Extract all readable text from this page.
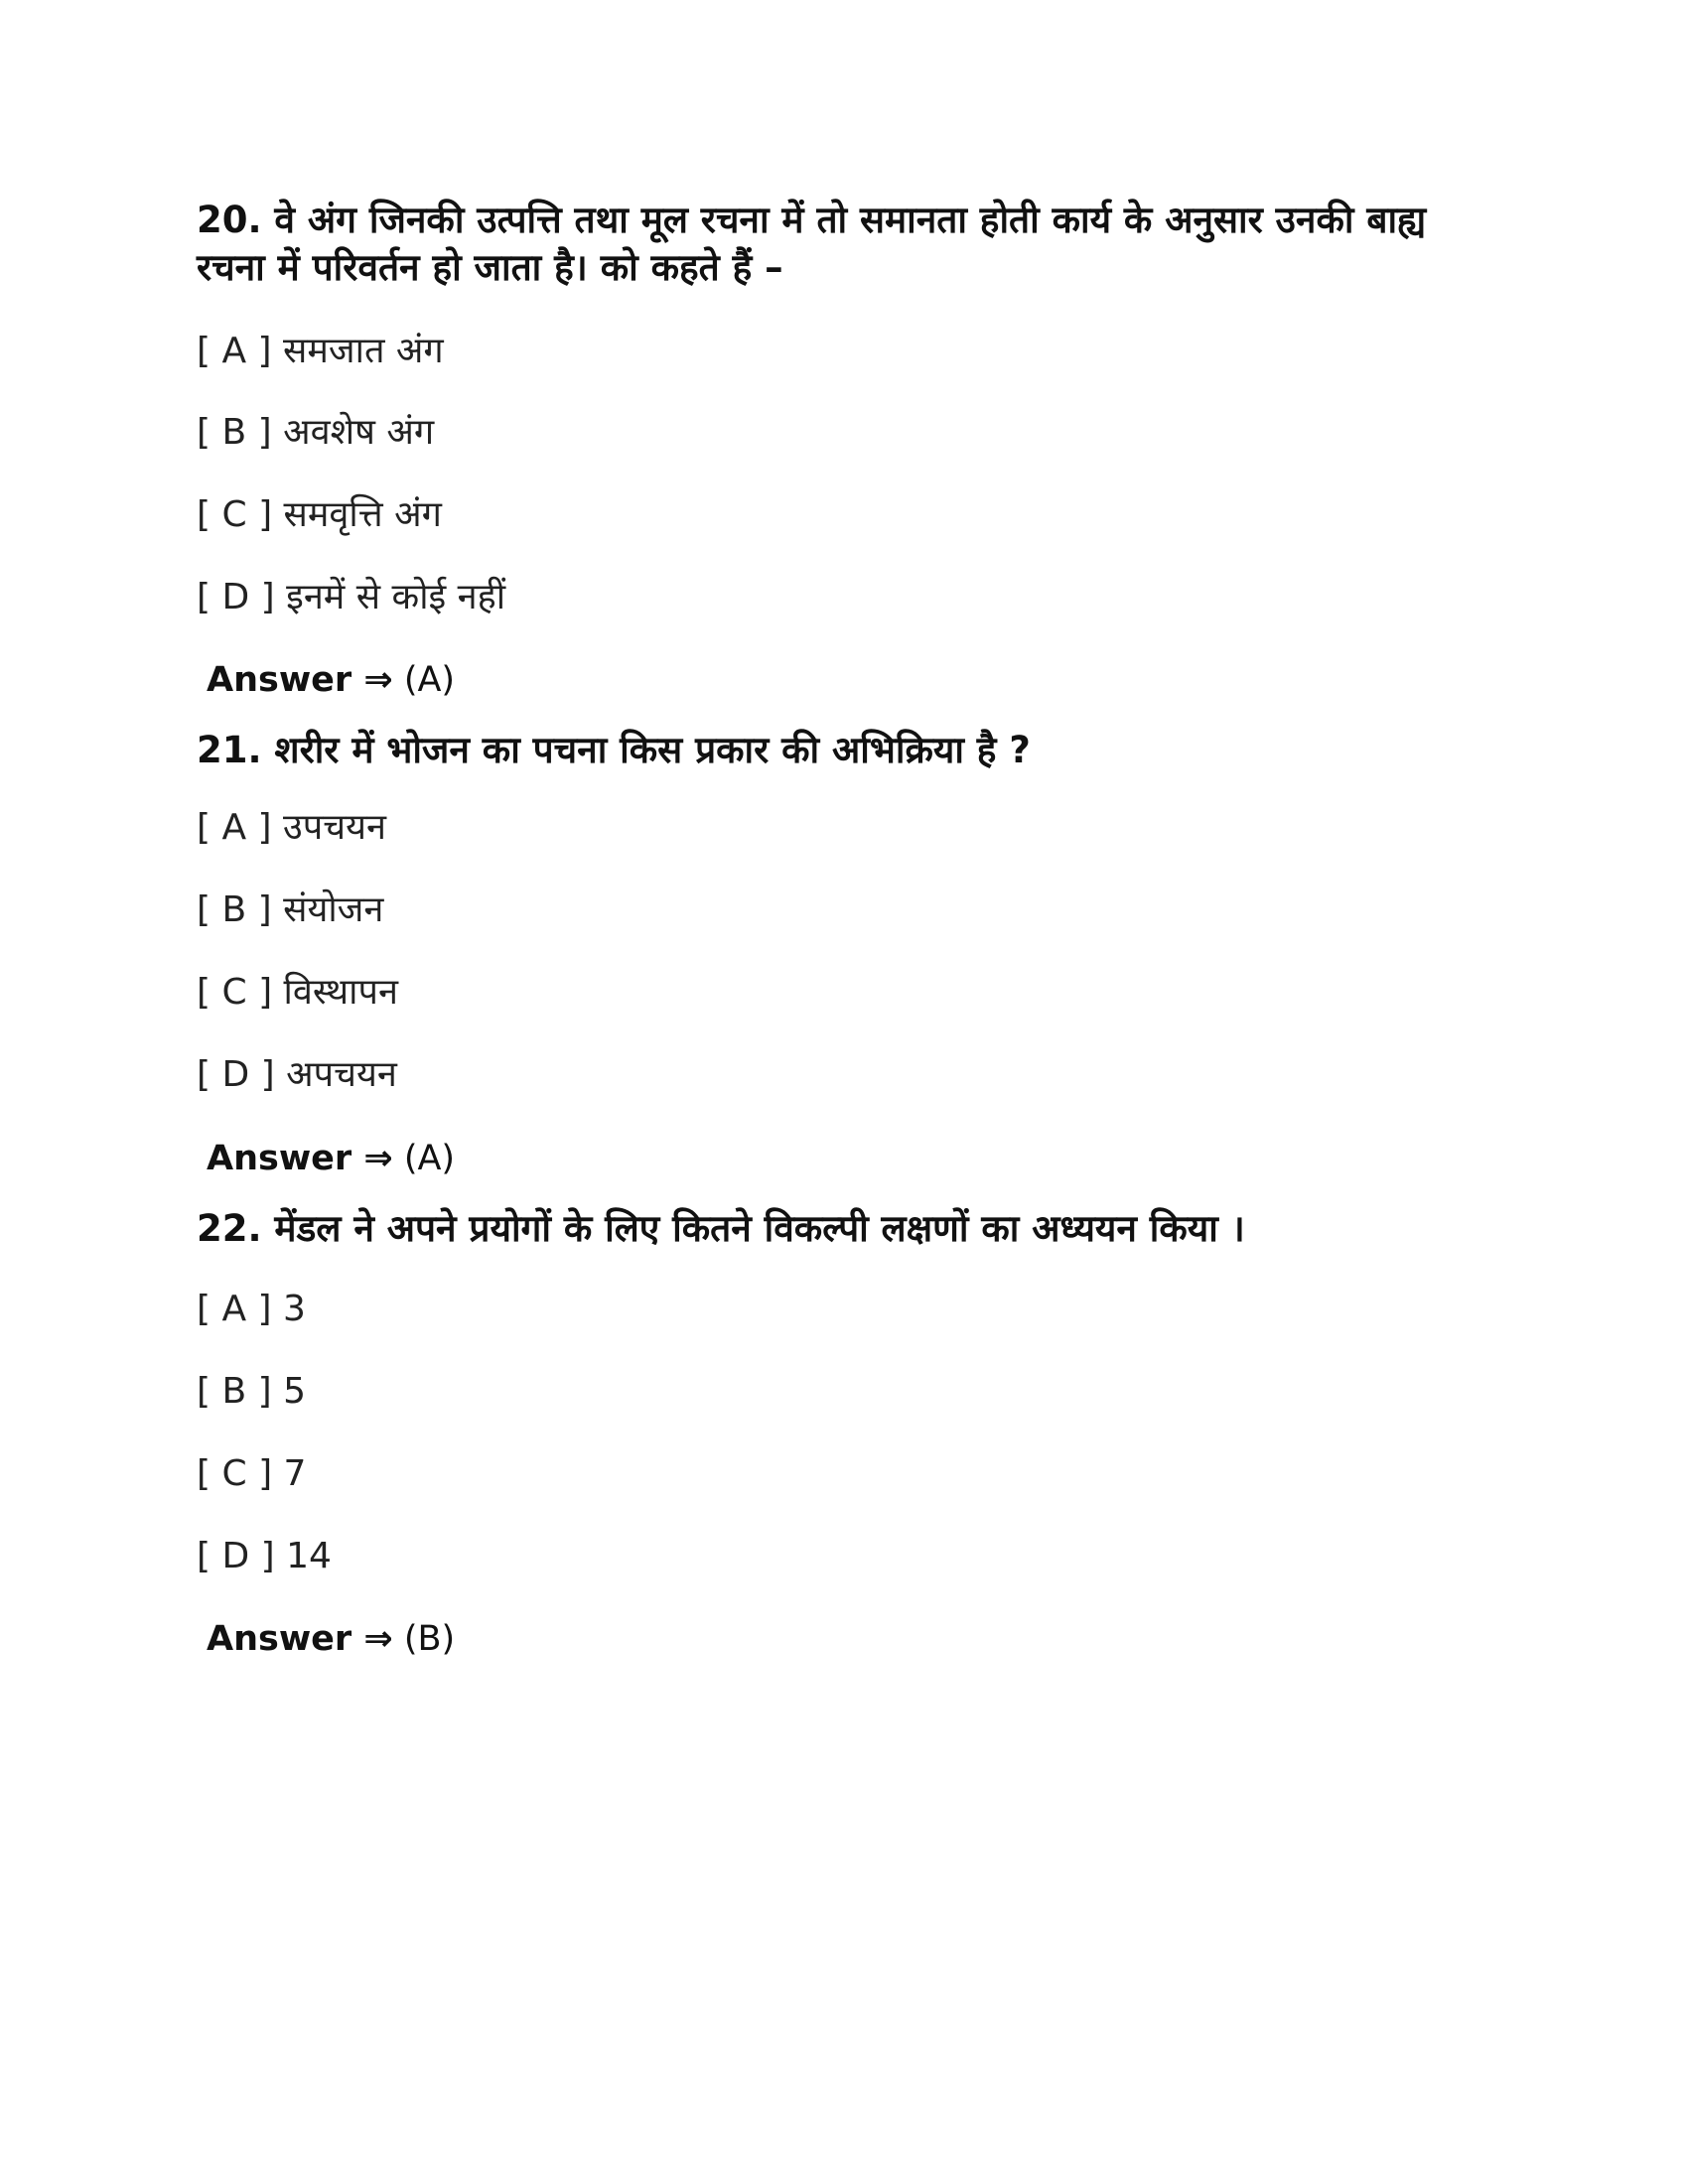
20. वे अंग जिनकी उत्पत्ति तथा मूल रचना में तो समानता होती कार्य के अनुसार उनकी बाह्य रचना में परिवर्तन हो जाता है। को कहते हैं –
[ A ] समजात अंग
[ B ] अवशेष अंग
[ C ] समवृत्ति अंग
[ D ] इनमें से कोई नहीं
Answer ⇒ (A)
21. शरीर में भोजन का पचना किस प्रकार की अभिक्रिया है ?
[ A ] उपचयन
[ B ] संयोजन
[ C ] विस्थापन
[ D ] अपचयन
Answer ⇒ (A)
22. मेंडल ने अपने प्रयोगों के लिए कितने विकल्पी लक्षणों का अध्ययन किया ।
[ A ] 3
[ B ] 5
[ C ] 7
[ D ] 14
Answer ⇒ (B)
